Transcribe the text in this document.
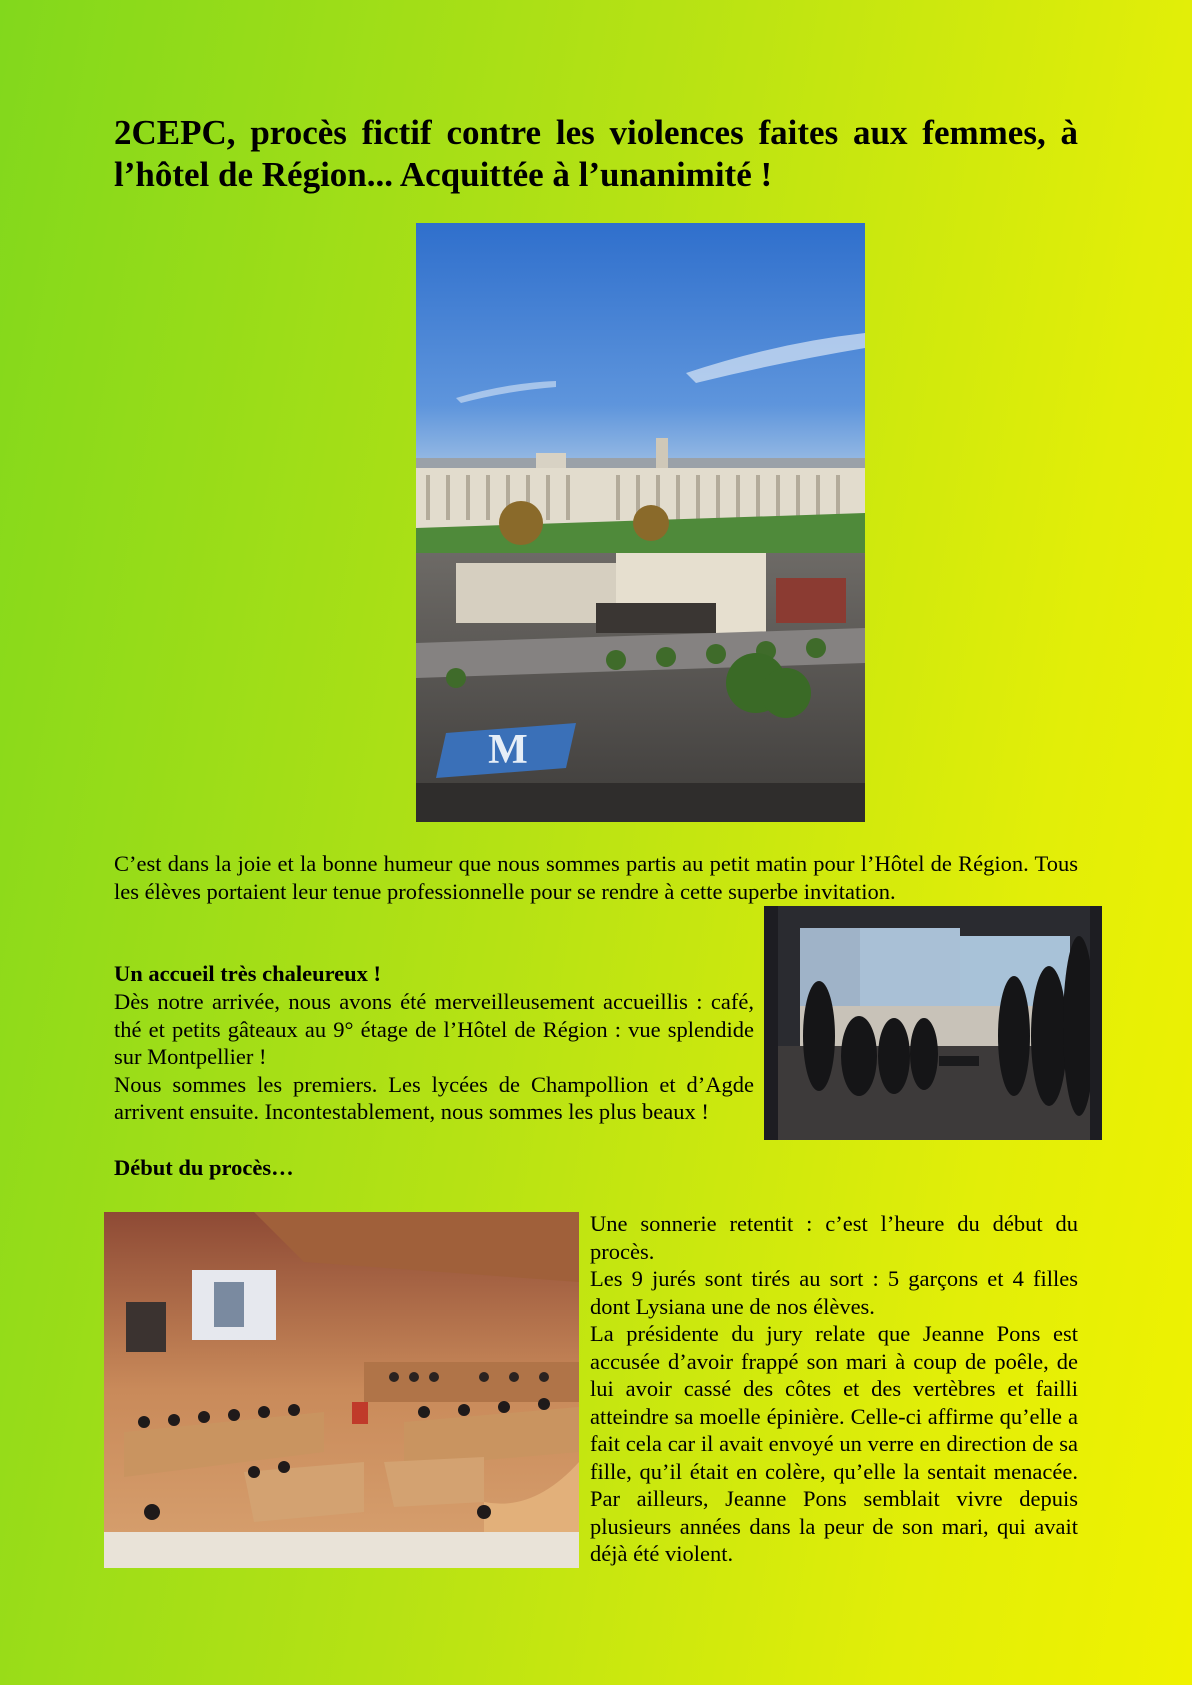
2CEPC, procès fictif contre les violences faites aux femmes, à l’hôtel de Région... Acquittée à l’unanimité !
M
C’est dans la joie et la bonne humeur que nous sommes partis au petit matin pour l’Hôtel de Région. Tous les élèves portaient leur tenue professionnelle pour se rendre à cette superbe invitation.
Un accueil très chaleureux !

Dès notre arrivée, nous avons été merveilleusement accueillis : café, thé et petits gâteaux au 9° étage de l’Hôtel de Région : vue splendide sur Montpellier !

Nous sommes les premiers. Les lycées de Champollion et d’Agde arrivent ensuite. Incontestablement, nous sommes les plus beaux !

Début du procès…

Une sonnerie retentit : c’est l’heure du début du procès.

Les 9 jurés sont tirés au sort : 5 garçons et 4 filles dont Lysiana une de nos élèves.

La présidente du jury relate que Jeanne Pons est accusée d’avoir frappé son mari à coup de poêle, de lui avoir cassé des côtes et des vertèbres et failli atteindre sa moelle épinière. Celle-ci affirme qu’elle a fait cela car il avait envoyé un verre en direction de sa fille, qu’il était en colère, qu’elle la sentait menacée. Par ailleurs, Jeanne Pons semblait vivre depuis plusieurs années dans la peur de son mari, qui avait déjà été violent.
